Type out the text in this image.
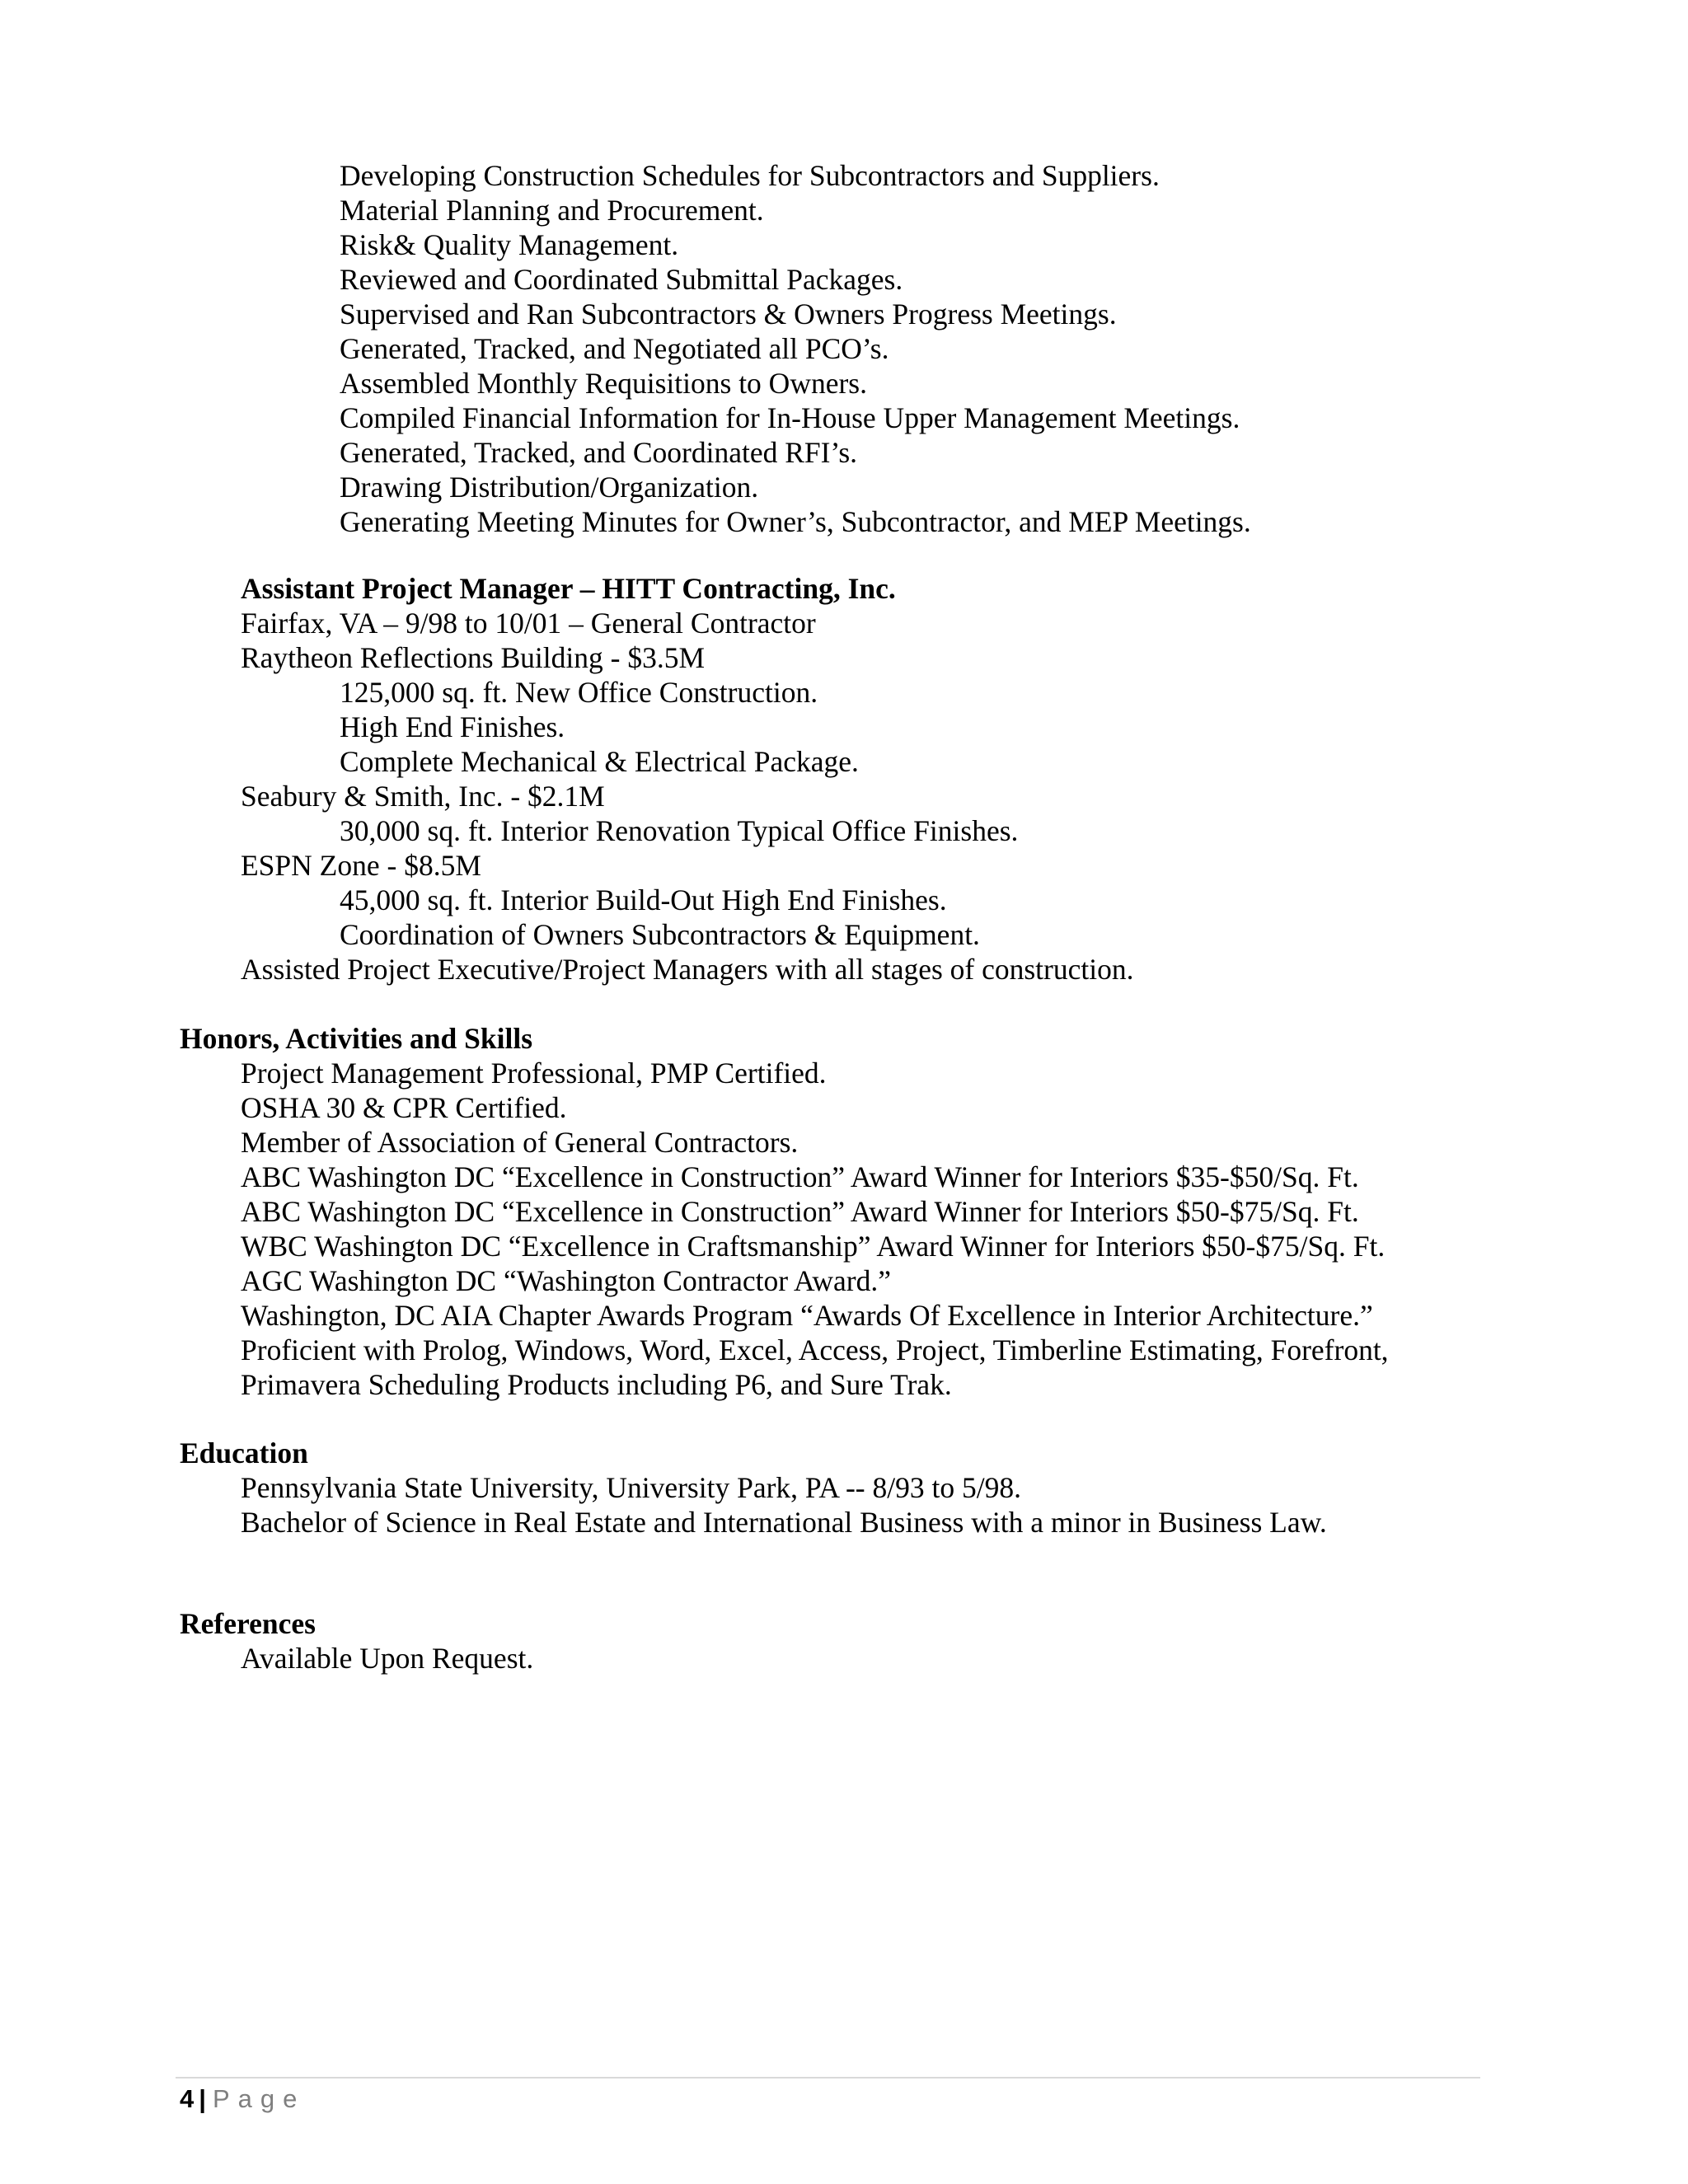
Developing Construction Schedules for Subcontractors and Suppliers.
Material Planning and Procurement.
Risk& Quality Management.
Reviewed and Coordinated Submittal Packages.
Supervised and Ran Subcontractors & Owners Progress Meetings.
Generated, Tracked, and Negotiated all PCO’s.
Assembled Monthly Requisitions to Owners.
Compiled Financial Information for In-House Upper Management Meetings.
Generated, Tracked, and Coordinated RFI’s.
Drawing Distribution/Organization.
Generating Meeting Minutes for Owner’s, Subcontractor, and MEP Meetings.
Assistant Project Manager – HITT Contracting, Inc.
Fairfax, VA – 9/98 to 10/01 – General Contractor
Raytheon Reflections Building - $3.5M
125,000 sq. ft. New Office Construction.
High End Finishes.
Complete Mechanical & Electrical Package.
Seabury & Smith, Inc. - $2.1M
30,000 sq. ft. Interior Renovation Typical Office Finishes.
ESPN Zone - $8.5M
45,000 sq. ft. Interior Build-Out High End Finishes.
Coordination of Owners Subcontractors & Equipment.
Assisted Project Executive/Project Managers with all stages of construction.
Honors, Activities and Skills
Project Management Professional, PMP Certified.
OSHA 30 & CPR Certified.
Member of Association of General Contractors.
ABC Washington DC “Excellence in Construction” Award Winner for Interiors $35-$50/Sq. Ft.
ABC Washington DC “Excellence in Construction” Award Winner for Interiors $50-$75/Sq. Ft.
WBC Washington DC “Excellence in Craftsmanship” Award Winner for Interiors $50-$75/Sq. Ft.
AGC Washington DC “Washington Contractor Award.”
Washington, DC AIA Chapter Awards Program “Awards Of Excellence in Interior Architecture.”
Proficient with Prolog, Windows, Word, Excel, Access, Project, Timberline Estimating, Forefront,
Primavera Scheduling Products including P6, and Sure Trak.
Education
Pennsylvania State University, University Park, PA -- 8/93 to 5/98.
Bachelor of Science in Real Estate and International Business with a minor in Business Law.
References
Available Upon Request.
4 | Page
